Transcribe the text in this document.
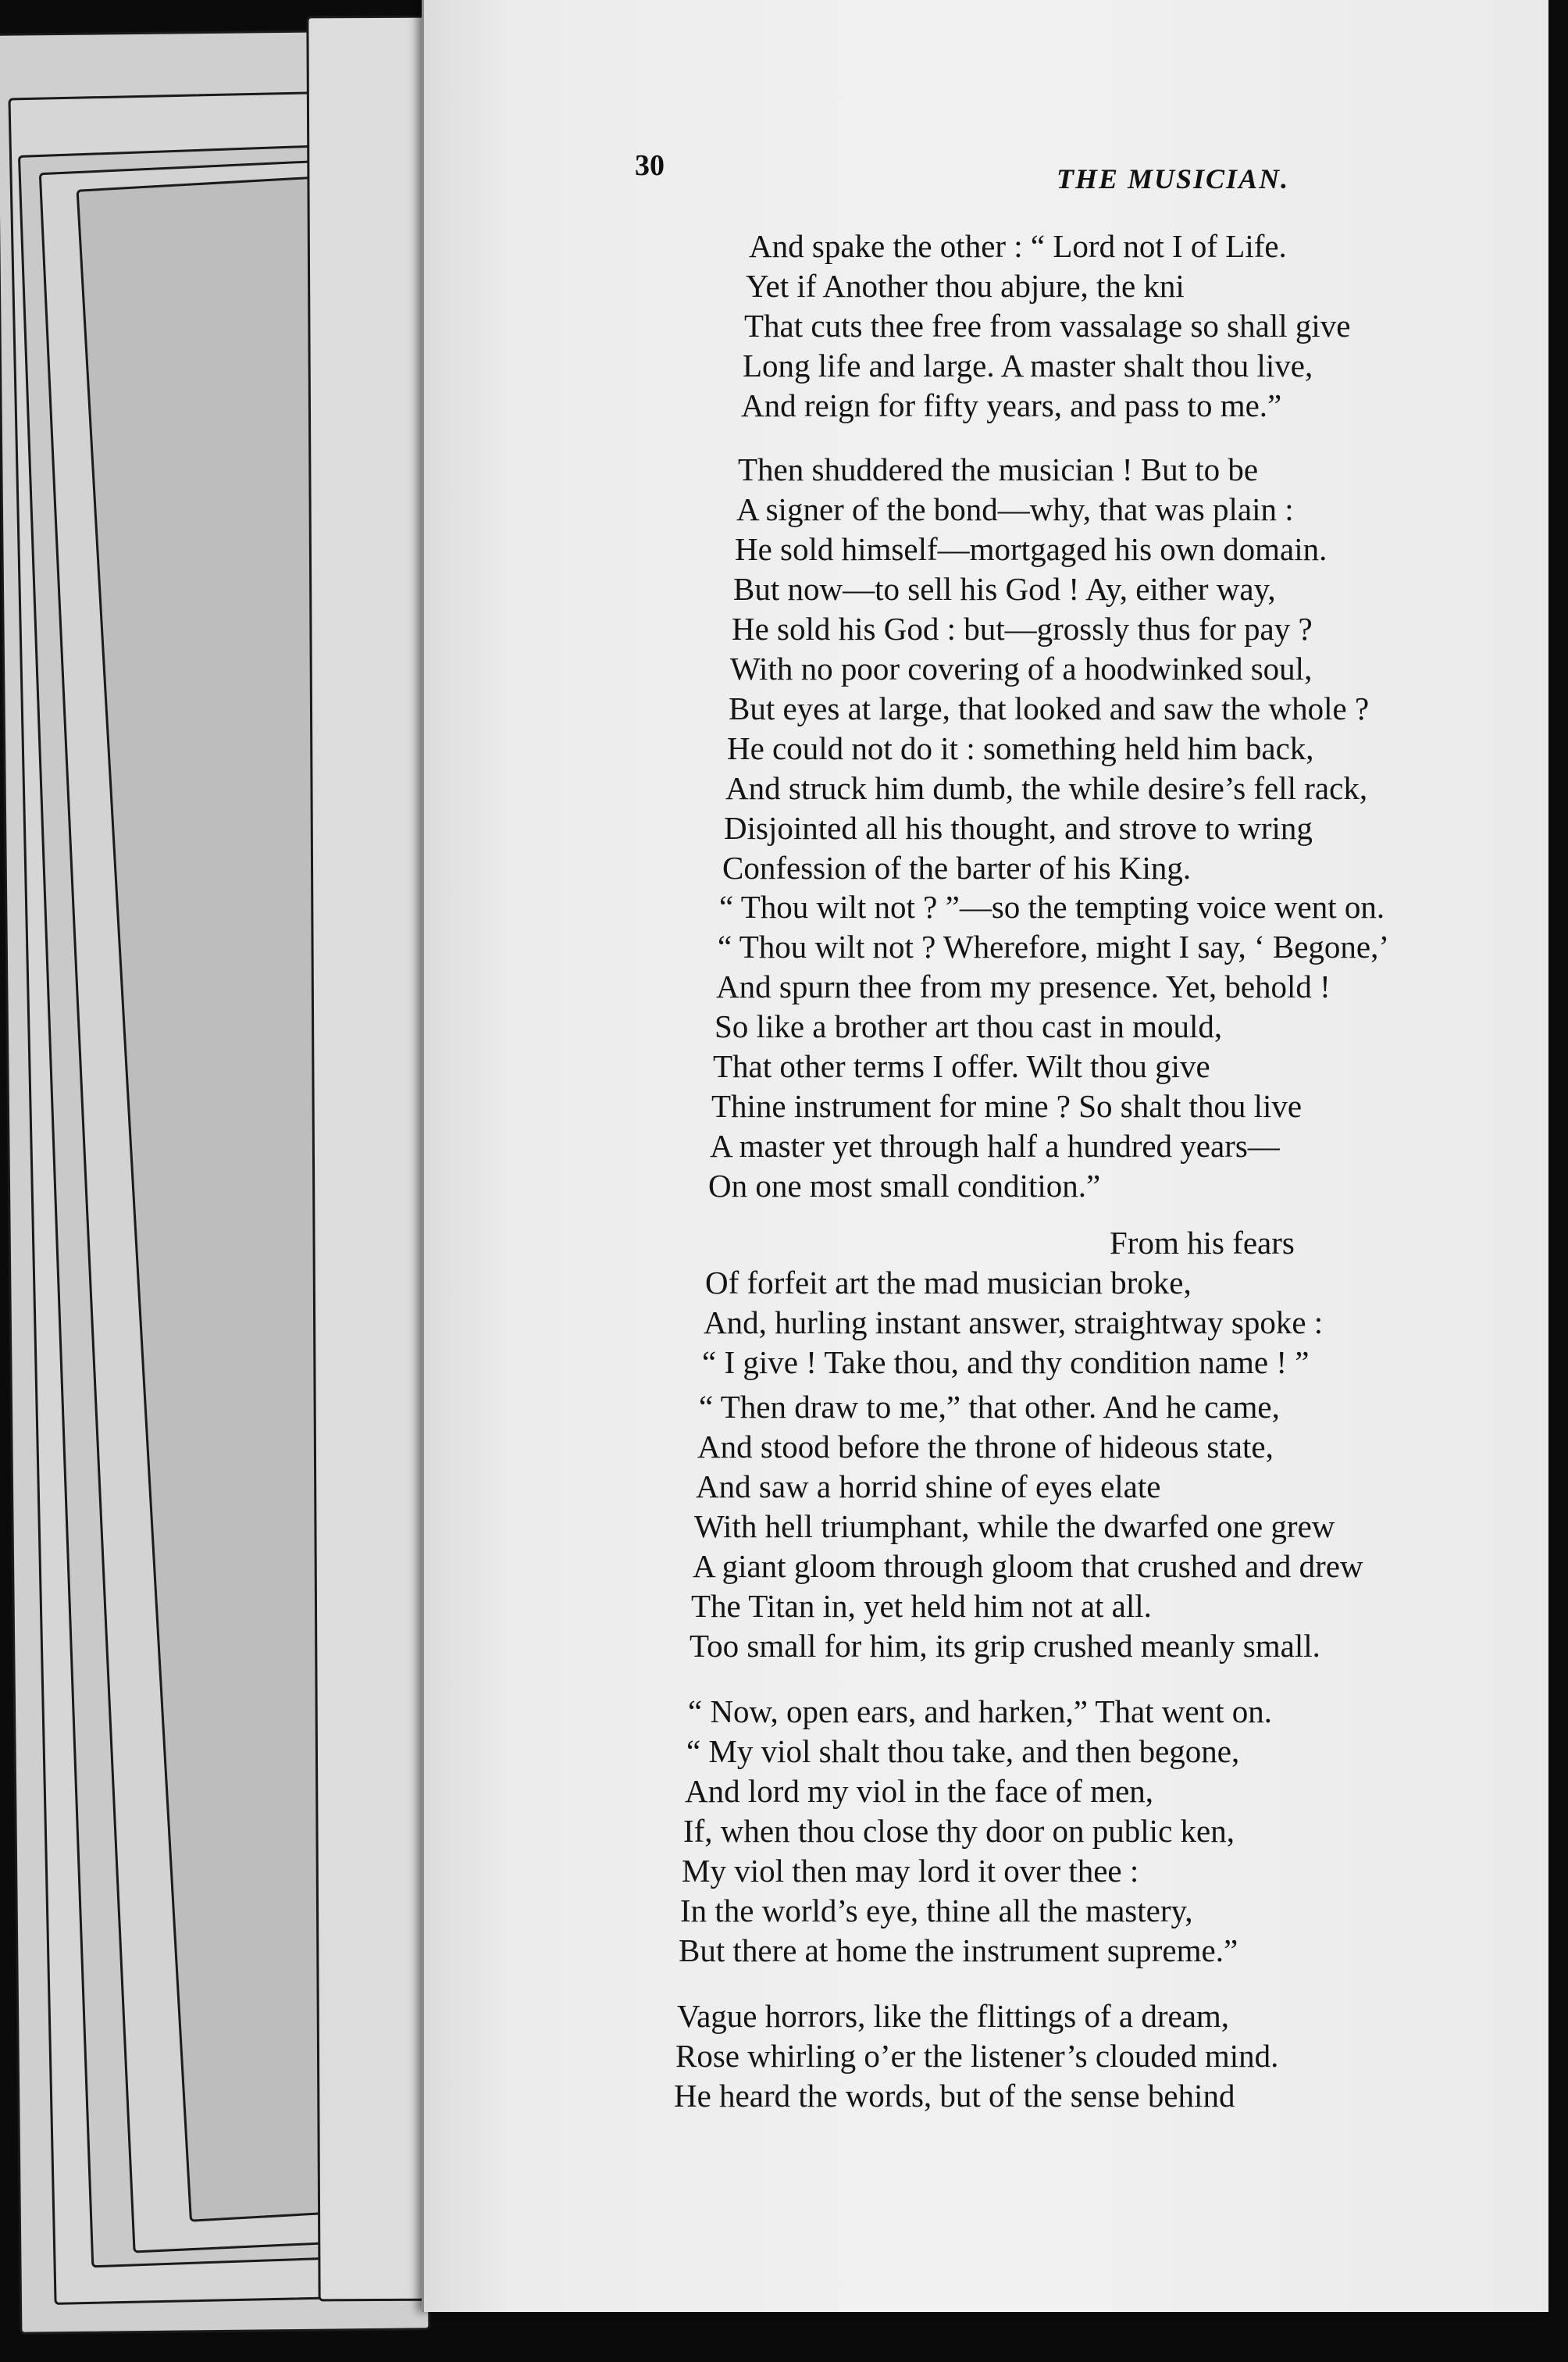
30	THE MUSICIAN.
And spake the other : “ Lord not I of Life.
Yet if Another thou abjure, the kni
That cuts thee free from vassalage so shall give
Long life and large. A master shalt thou live,
And reign for fifty years, and pass to me.”
Then shuddered the musician ! But to be
A signer of the bond—why, that was plain :
He sold himself—mortgaged his own domain.
But now—to sell his God ! Ay, either way,
He sold his God : but—grossly thus for pay ?
With no poor covering of a hoodwinked soul,
But eyes at large, that looked and saw the whole ?
He could not do it : something held him back,
And struck him dumb, the while desire’s fell rack,
Disjointed all his thought, and strove to wring
Confession of the barter of his King.
“ Thou wilt not ? ”—so the tempting voice went on.
“ Thou wilt not ? Wherefore, might I say, ‘ Begone,’
And spurn thee from my presence. Yet, behold !
So like a brother art thou cast in mould,
That other terms I offer. Wilt thou give
Thine instrument for mine ? So shalt thou live
A master yet through half a hundred years—
On one most small condition.”
From his fears
Of forfeit art the mad musician broke,
And, hurling instant answer, straightway spoke :
“ I give ! Take thou, and thy condition name ! ”
“ Then draw to me,” that other. And he came,
And stood before the throne of hideous state,
And saw a horrid shine of eyes elate
With hell triumphant, while the dwarfed one grew
A giant gloom through gloom that crushed and drew
The Titan in, yet held him not at all.
Too small for him, its grip crushed meanly small.
“ Now, open ears, and harken,” That went on.
“ My viol shalt thou take, and then begone,
And lord my viol in the face of men,
If, when thou close thy door on public ken,
My viol then may lord it over thee :
In the world’s eye, thine all the mastery,
But there at home the instrument supreme.”
Vague horrors, like the flittings of a dream,
Rose whirling o’er the listener’s clouded mind.
He heard the words, but of the sense behind
